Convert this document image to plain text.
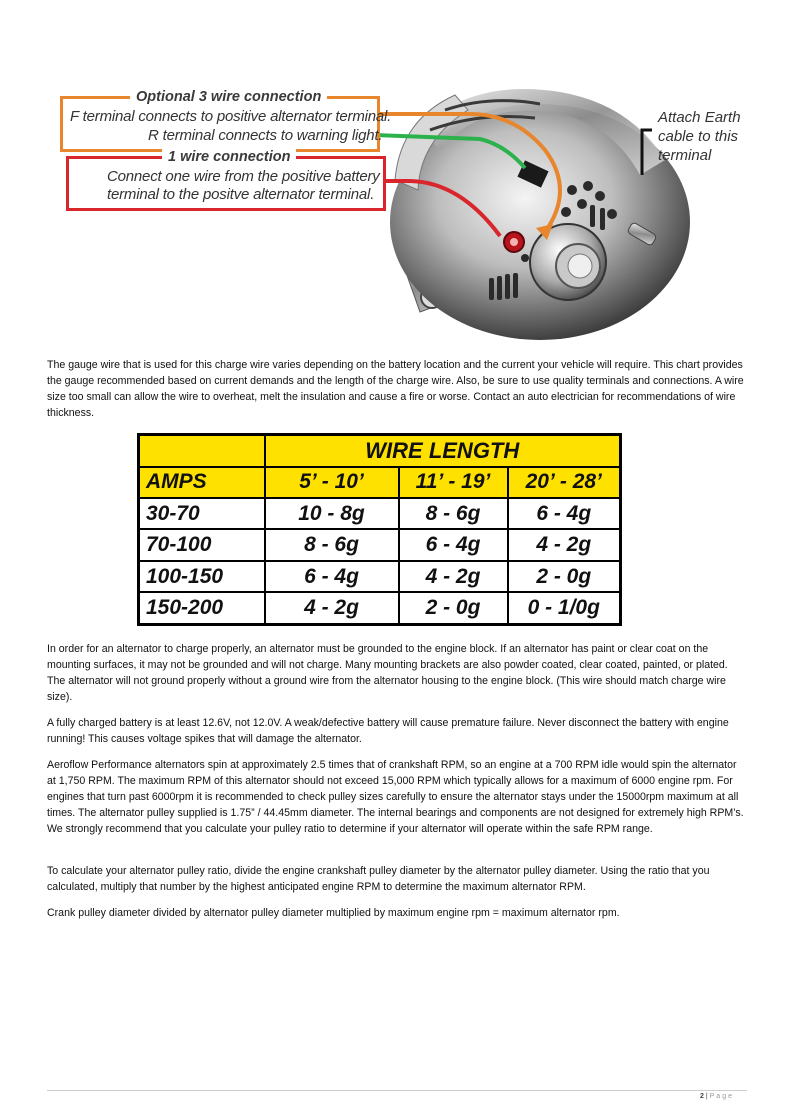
Optional 3 wire connection
F terminal connects to positive alternator terminal.
R terminal connects to warning light.
1 wire connection
Connect one wire from the positive battery
terminal to the positve alternator terminal.
Attach Earth
cable to this
terminal

The gauge wire that is used for this charge wire varies depending on the battery location and the current your vehicle will require. This chart provides the gauge recommended based on current demands and the length of the charge wire. Also, be sure to use quality terminals and connections. A wire size too small can allow the wire to overheat, melt the insulation and cause a fire or worse. Contact an auto electrician for recommendations of wire thickness.

	WIRE LENGTH		
AMPS	5’ - 10’	11’ - 19’	20’ - 28’
30-70	10 - 8g	8 - 6g	6 - 4g
70-100	8 - 6g	6 - 4g	4 - 2g
100-150	6 - 4g	4 - 2g	2 - 0g
150-200	4 - 2g	2 - 0g	0 - 1/0g

In order for an alternator to charge properly, an alternator must be grounded to the engine block. If an alternator has paint or clear coat on the mounting surfaces, it may not be grounded and will not charge. Many mounting brackets are also powder coated, clear coated, painted, or plated. The alternator will not ground properly without a ground wire from the alternator housing to the engine block. (This wire should match charge wire size).

A fully charged battery is at least 12.6V, not 12.0V. A weak/defective battery will cause premature failure. Never disconnect the battery with engine running! This causes voltage spikes that will damage the alternator.

Aeroflow Performance alternators spin at approximately 2.5 times that of crankshaft RPM, so an engine at a 700 RPM idle would spin the alternator at 1,750 RPM. The maximum RPM of this alternator should not exceed 15,000 RPM which typically allows for a maximum of 6000 engine rpm. For engines that turn past 6000rpm it is recommended to check pulley sizes carefully to ensure the alternator stays under the 15000rpm maximum at all times. The alternator pulley supplied is 1.75” / 44.45mm diameter. The internal bearings and components are not designed for extremely high RPM’s. We strongly recommend that you calculate your pulley ratio to determine if your alternator will operate within the safe RPM range.

To calculate your alternator pulley ratio, divide the engine crankshaft pulley diameter by the alternator pulley diameter. Using the ratio that you calculated, multiply that number by the highest anticipated engine RPM to determine the maximum alternator RPM.

Crank pulley diameter divided by alternator pulley diameter multiplied by maximum engine rpm = maximum alternator rpm.

2 | Page
